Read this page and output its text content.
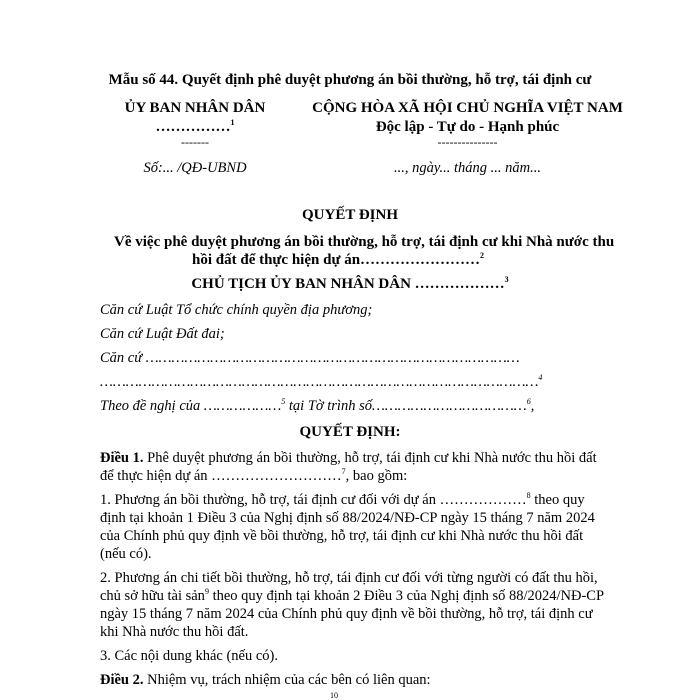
Mẫu số 44. Quyết định phê duyệt phương án bồi thường, hỗ trợ, tái định cư
ỦY BAN NHÂN DÂN
……………$^1$
-------
Số:... /QĐ-UBND
CỘNG HÒA XÃ HỘI CHỦ NGHĨA VIỆT NAM
Độc lập - Tự do - Hạnh phúc
---------------
..., ngày... tháng ... năm...
QUYẾT ĐỊNH
Về việc phê duyệt phương án bồi thường, hỗ trợ, tái định cư khi Nhà nước thu
hồi đất để thực hiện dự án……………………$^2$
CHỦ TỊCH ỦY BAN NHÂN DÂN ………………$^3$
Căn cứ Luật Tổ chức chính quyền địa phương;
Căn cứ Luật Đất đai;
Căn cứ ……………………………………………………………………………
…………………………………………………………………………………………$^4$
Theo đề nghị của ………………$^5$ tại Tờ trình số………………………………$^6$,
QUYẾT ĐỊNH:
Điều 1. Phê duyệt phương án bồi thường, hỗ trợ, tái định cư khi Nhà nước thu hồi đất
để thực hiện dự án ………………………$^7$, bao gồm:
1. Phương án bồi thường, hỗ trợ, tái định cư đối với dự án ………………$^8$ theo quy
định tại khoản 1 Điều 3 của Nghị định số 88/2024/NĐ-CP ngày 15 tháng 7 năm 2024
của Chính phủ quy định về bồi thường, hỗ trợ, tái định cư khi Nhà nước thu hồi đất
(nếu có).
2. Phương án chi tiết bồi thường, hỗ trợ, tái định cư đối với từng người có đất thu hồi,
chủ sở hữu tài sản$^9$ theo quy định tại khoản 2 Điều 3 của Nghị định số 88/2024/NĐ-CP
ngày 15 tháng 7 năm 2024 của Chính phủ quy định về bồi thường, hỗ trợ, tái định cư
khi Nhà nước thu hồi đất.
3. Các nội dung khác (nếu có).
Điều 2. Nhiệm vụ, trách nhiệm của các bên có liên quan:
10
